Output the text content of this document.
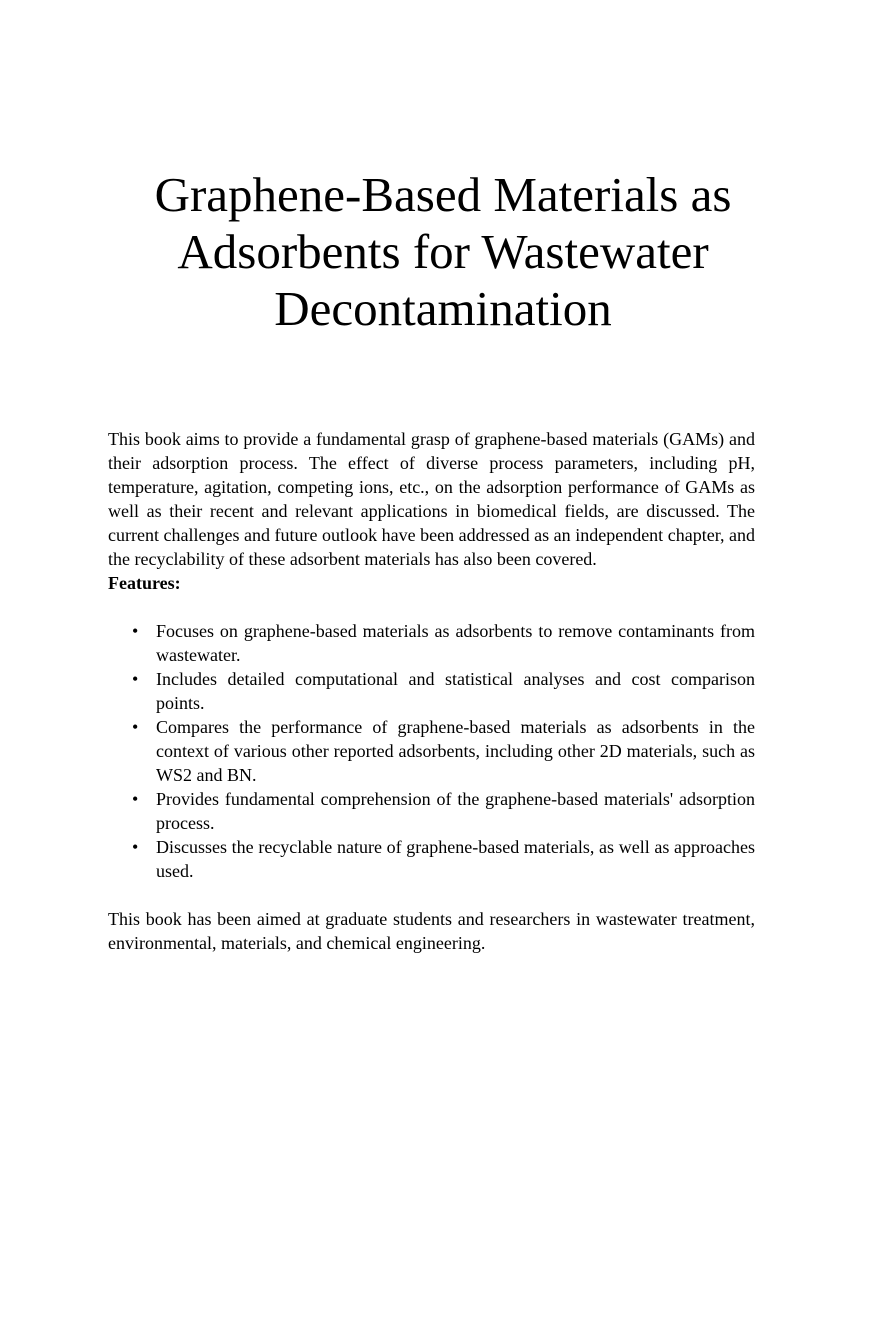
Graphene-Based Materials as
Adsorbents for Wastewater
Decontamination

This book aims to provide a fundamental grasp of graphene-based materials (GAMs) and their adsorption process. The effect of diverse process parameters, including pH, temperature, agitation, competing ions, etc., on the adsorption performance of GAMs as well as their recent and relevant applications in biomedical fields, are discussed. The current challenges and future outlook have been addressed as an independent chapter, and the recyclability of these adsorbent materials has also been covered.

Features:

• Focuses on graphene-based materials as adsorbents to remove contaminants from wastewater.
• Includes detailed computational and statistical analyses and cost comparison points.
• Compares the performance of graphene-based materials as adsorbents in the context of various other reported adsorbents, including other 2D materials, such as WS2 and BN.
• Provides fundamental comprehension of the graphene-based materials' adsorption process.
• Discusses the recyclable nature of graphene-based materials, as well as approaches used.

This book has been aimed at graduate students and researchers in wastewater treatment, environmental, materials, and chemical engineering.
